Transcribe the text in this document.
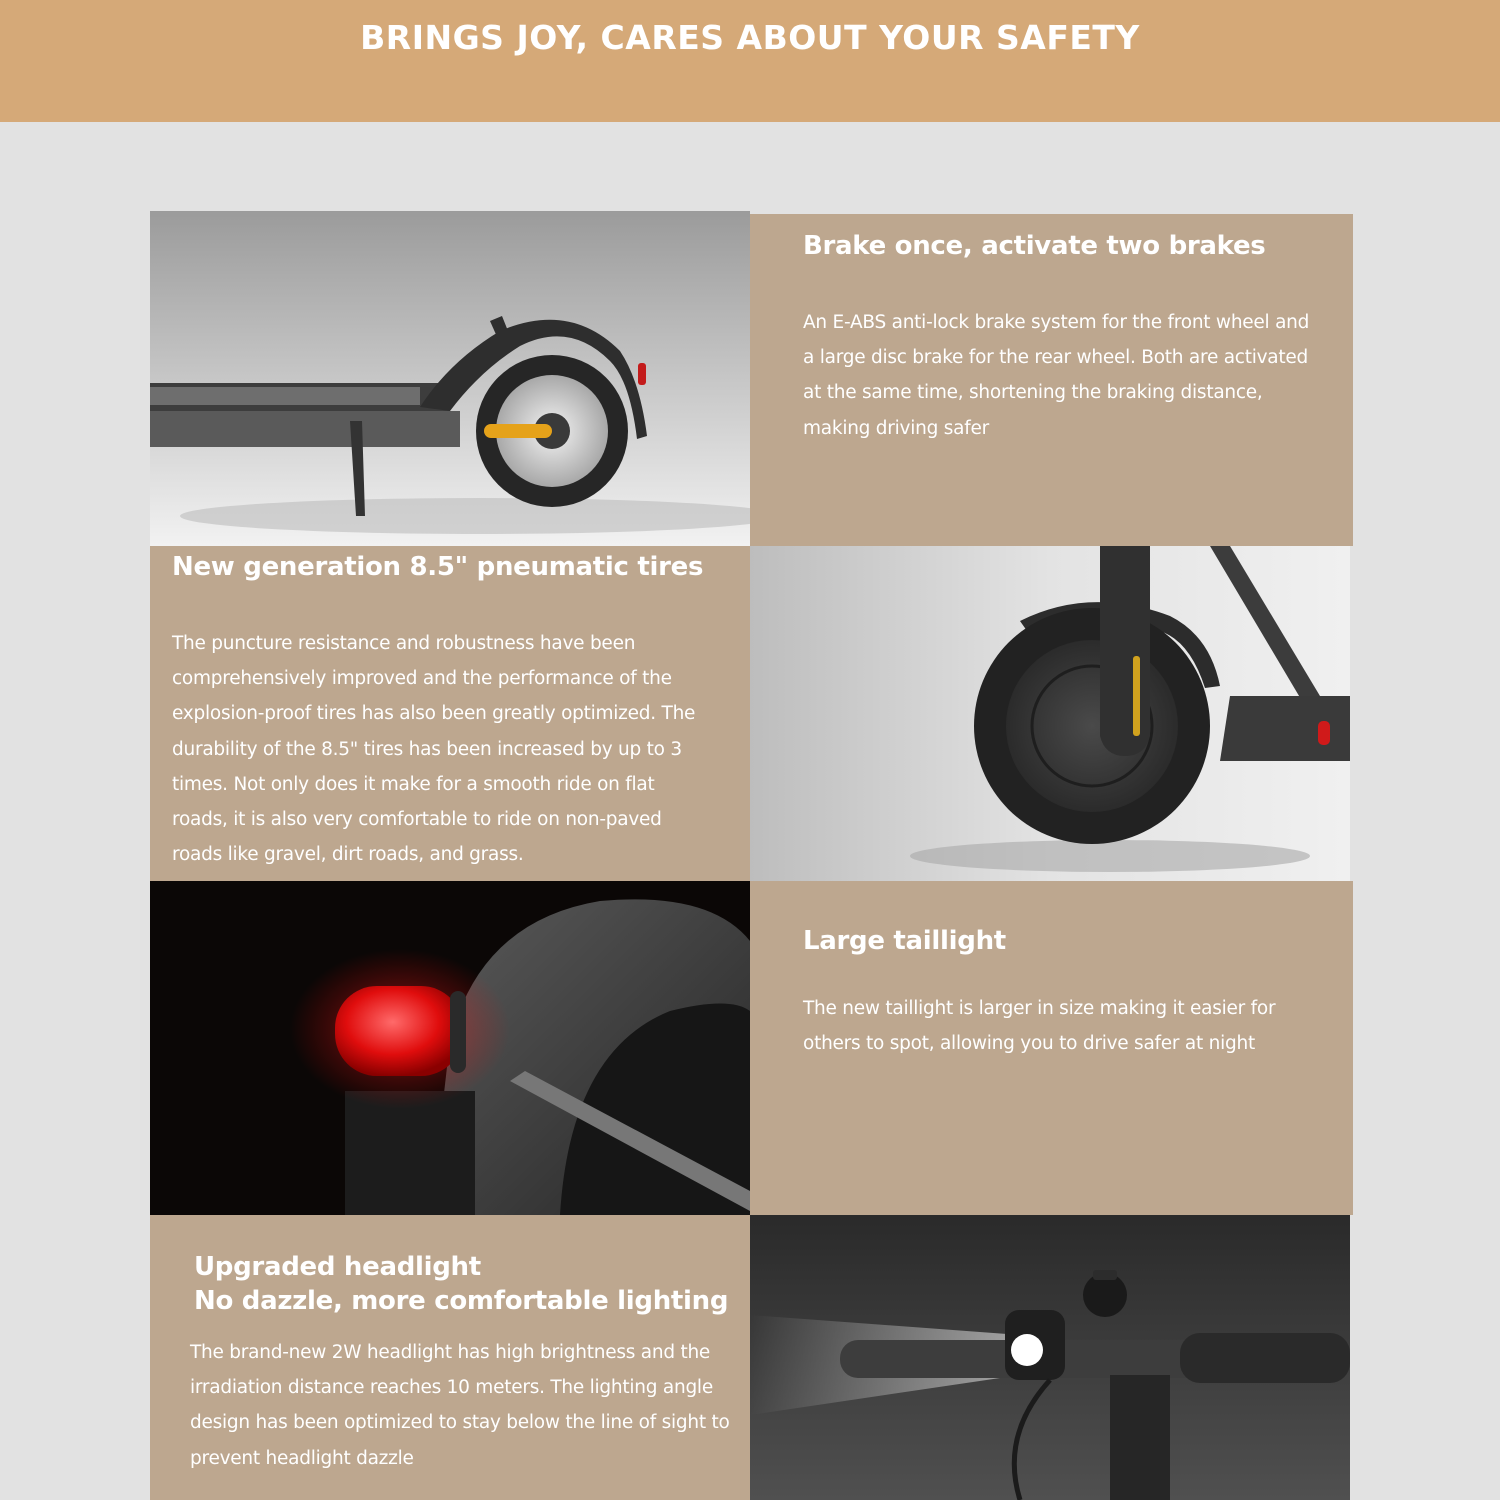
BRINGS JOY, CARES ABOUT YOUR SAFETY
Brake once, activate two brakes

An E-ABS anti-lock brake system for the front wheel and a large disc brake for the rear wheel. Both are activated at the same time, shortening the braking distance, making driving safer

New generation 8.5" pneumatic tires

The puncture resistance and robustness have been comprehensively improved and the performance of the explosion-proof tires has also been greatly optimized. The durability of the 8.5" tires has been increased by up to 3 times. Not only does it make for a smooth ride on flat roads, it is also very comfortable to ride on non-paved roads like gravel, dirt roads, and grass.

Large taillight

The new taillight is larger in size making it easier for others to spot, allowing you to drive safer at night

Upgraded headlight
No dazzle, more comfortable lighting

The brand-new 2W headlight has high brightness and the irradiation distance reaches 10 meters. The lighting angle design has been optimized to stay below the line of sight to prevent headlight dazzle
